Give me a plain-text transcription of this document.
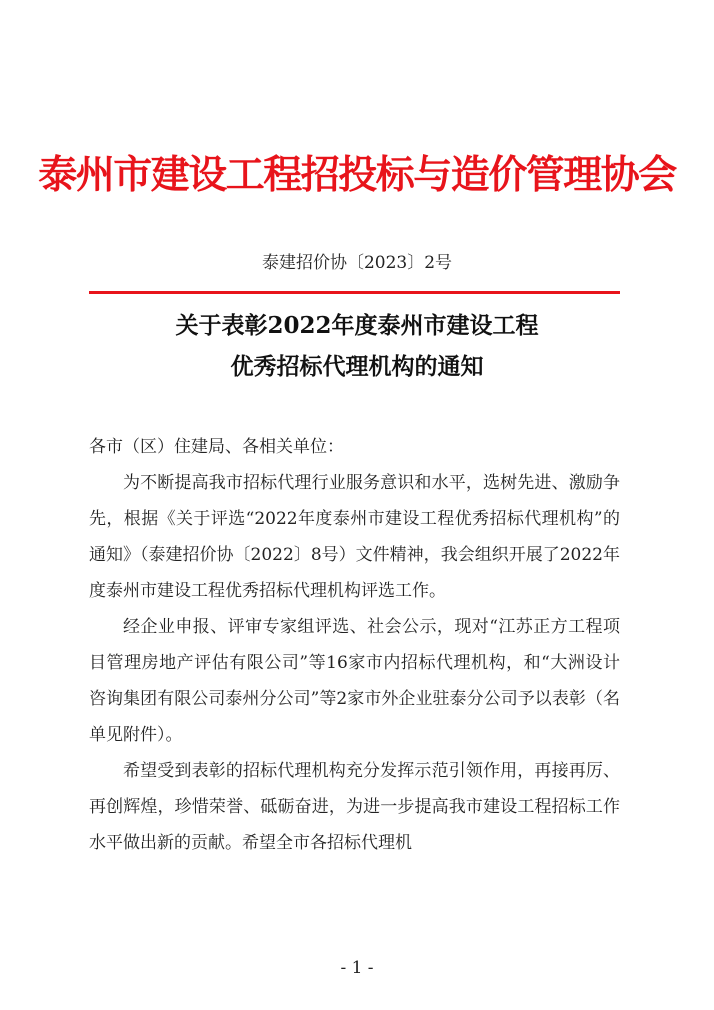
泰州市建设工程招投标与造价管理协会
泰建招价协〔2023〕2号
关于表彰2022年度泰州市建设工程
优秀招标代理机构的通知

各市（区）住建局、各相关单位：

为不断提高我市招标代理行业服务意识和水平，选树先进、激励争先，根据《关于评选“2022年度泰州市建设工程优秀招标代理机构”的通知》（泰建招价协〔2022〕8号）文件精神，我会组织开展了2022年度泰州市建设工程优秀招标代理机构评选工作。

经企业申报、评审专家组评选、社会公示，现对“江苏正方工程项目管理房地产评估有限公司”等16家市内招标代理机构，和“大洲设计咨询集团有限公司泰州分公司”等2家市外企业驻泰分公司予以表彰（名单见附件）。

希望受到表彰的招标代理机构充分发挥示范引领作用，再接再厉、再创辉煌，珍惜荣誉、砥砺奋进，为进一步提高我市建设工程招标工作水平做出新的贡献。希望全市各招标代理机

- 1 -
